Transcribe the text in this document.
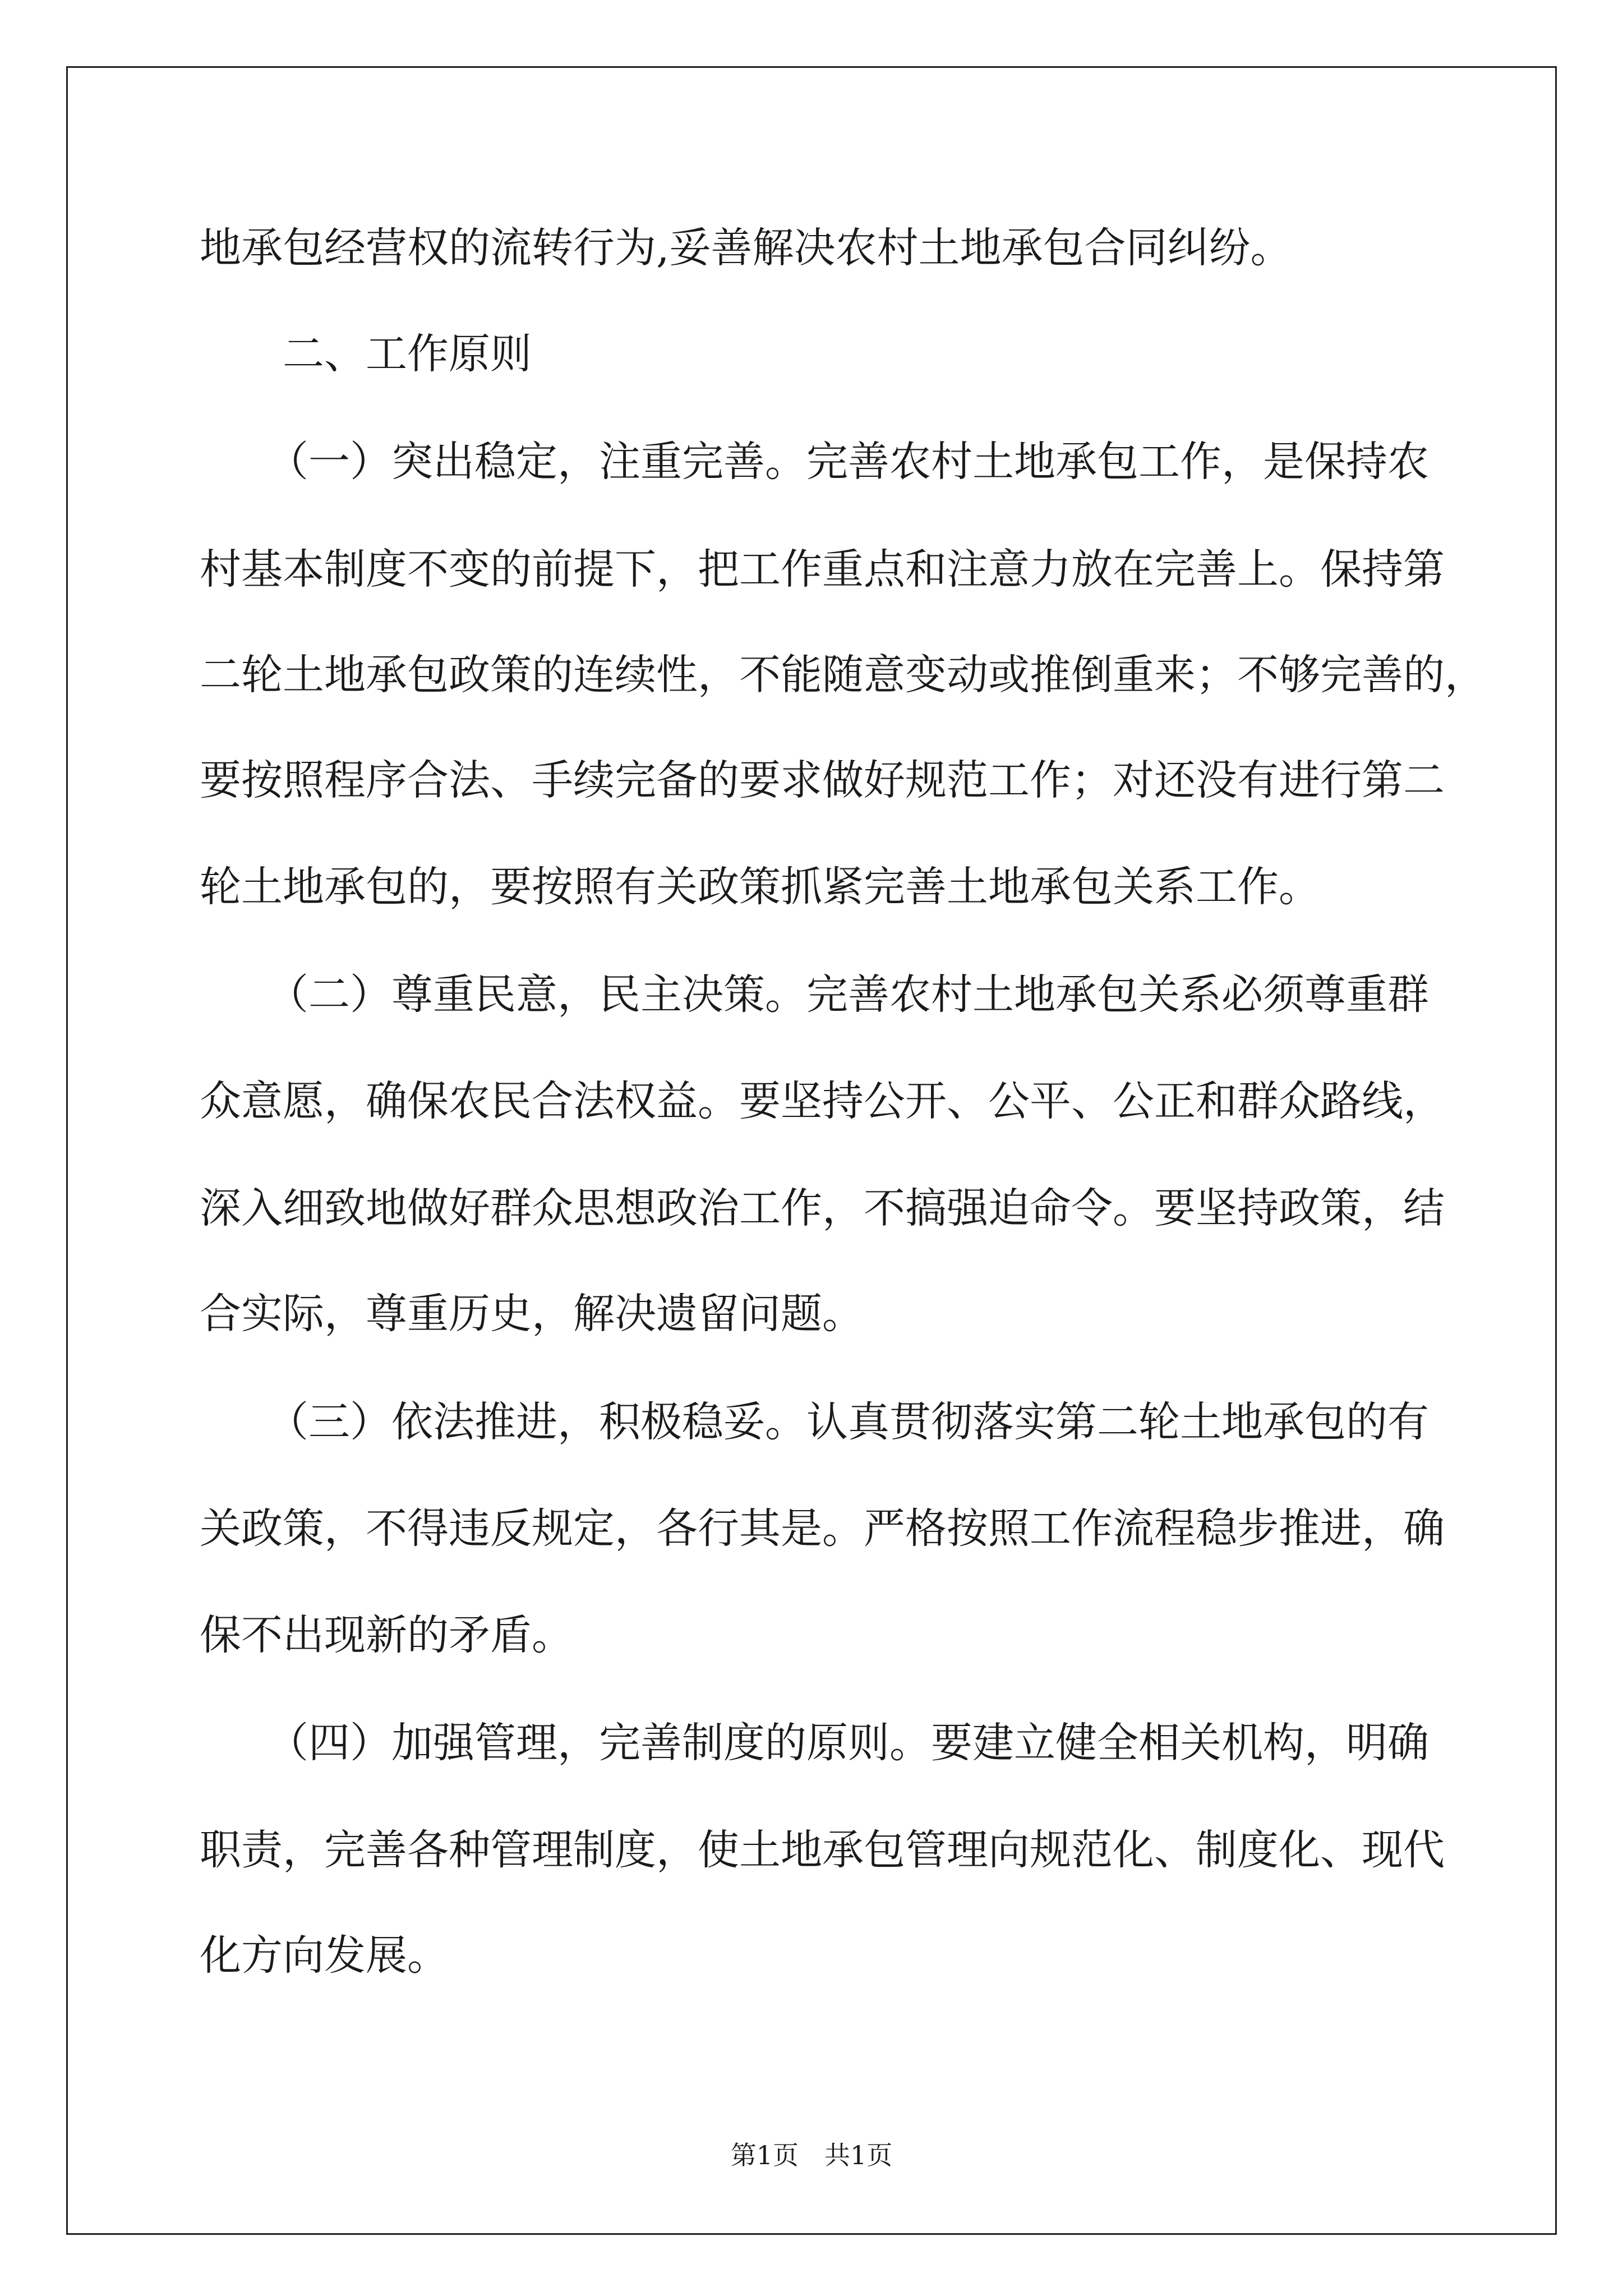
地承包经营权的流转行为,妥善解决农村土地承包合同纠纷。
二、工作原则
（一）突出稳定，注重完善。完善农村土地承包工作，是保持农
村基本制度不变的前提下，把工作重点和注意力放在完善上。保持第
二轮土地承包政策的连续性，不能随意变动或推倒重来；不够完善的，
要按照程序合法、手续完备的要求做好规范工作；对还没有进行第二
轮土地承包的，要按照有关政策抓紧完善土地承包关系工作。
（二）尊重民意，民主决策。完善农村土地承包关系必须尊重群
众意愿，确保农民合法权益。要坚持公开、公平、公正和群众路线，
深入细致地做好群众思想政治工作，不搞强迫命令。要坚持政策，结
合实际，尊重历史，解决遗留问题。
（三）依法推进，积极稳妥。认真贯彻落实第二轮土地承包的有
关政策，不得违反规定，各行其是。严格按照工作流程稳步推进，确
保不出现新的矛盾。
（四）加强管理，完善制度的原则。要建立健全相关机构，明确
职责，完善各种管理制度，使土地承包管理向规范化、制度化、现代
化方向发展。
第1页　共1页
